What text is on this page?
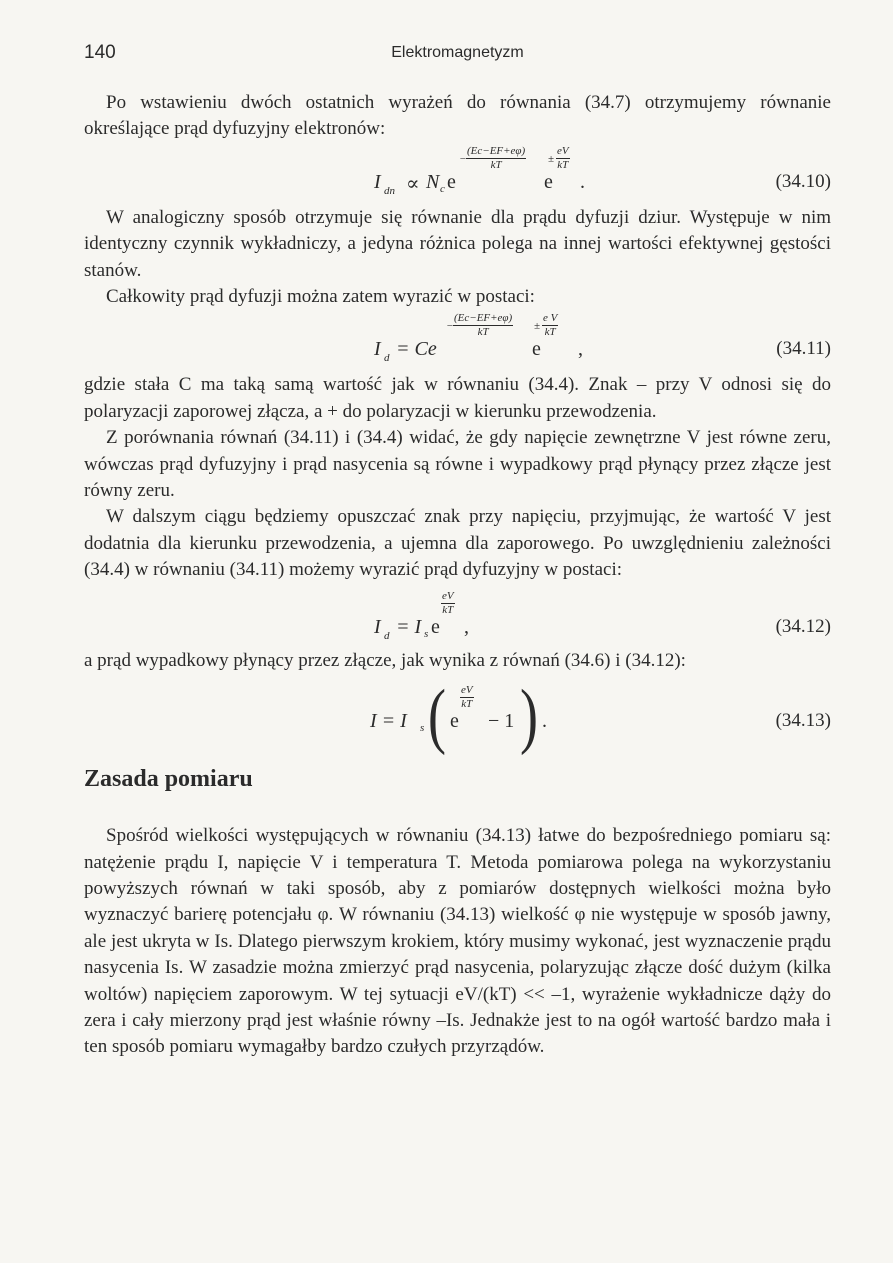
140	Elektromagnetyzm

Po wstawieniu dwóch ostatnich wyrażeń do równania (34.7) otrzymujemy równanie określające prąd dyfuzyjny elektronów:

I dn ∝ N c e
− $\frac{(Ec-EF+e\varphi)}{kT}$
e
± $\frac{eV}{kT}$
.	(34.10)

W analogiczny sposób otrzymuje się równanie dla prądu dyfuzji dziur. Występuje w nim identyczny czynnik wykładniczy, a jedyna różnica polega na innej wartości efektywnej gęstości stanów.

Całkowity prąd dyfuzji można zatem wyrazić w postaci:

I d = Ce
− $\frac{(Ec-EF+e\varphi)}{kT}$
e
± $\frac{\text{e V}}{kT}$
,	(34.11)

gdzie stała C ma taką samą wartość jak w równaniu (34.4). Znak – przy V odnosi się do polaryzacji zaporowej złącza, a + do polaryzacji w kierunku przewodzenia.

Z porównania równań (34.11) i (34.4) widać, że gdy napięcie zewnętrzne V jest równe zeru, wówczas prąd dyfuzyjny i prąd nasycenia są równe i wypadkowy prąd płynący przez złącze jest równy zeru.

W dalszym ciągu będziemy opuszczać znak przy napięciu, przyjmując, że wartość V jest dodatnia dla kierunku przewodzenia, a ujemna dla zaporowego. Po uwzględnieniu zależności (34.4) w równaniu (34.11) możemy wyrazić prąd dyfuzyjny w postaci:

I d = I s e
$\frac{eV}{kT}$
,	(34.12)

a prąd wypadkowy płynący przez złącze, jak wynika z równań (34.6) i (34.12):

I = I s ( e
$\frac{eV}{kT}$
− 1 ) .	(34.13)
Zasada pomiaru

Spośród wielkości występujących w równaniu (34.13) łatwe do bezpośredniego pomiaru są: natężenie prądu I, napięcie V i temperatura T. Metoda pomiarowa polega na wykorzystaniu powyższych równań w taki sposób, aby z pomiarów dostępnych wielkości można było wyznaczyć barierę potencjału φ. W równaniu (34.13) wielkość φ nie występuje w sposób jawny, ale jest ukryta w Is. Dlatego pierwszym krokiem, który musimy wykonać, jest wyznaczenie prądu nasycenia Is. W zasadzie można zmierzyć prąd nasycenia, polaryzując złącze dość dużym (kilka woltów) napięciem zaporowym. W tej sytuacji eV/(kT) << –1, wyrażenie wykładnicze dąży do zera i cały mierzony prąd jest właśnie równy –Is. Jednakże jest to na ogół wartość bardzo mała i ten sposób pomiaru wymagałby bardzo czułych przyrządów.
